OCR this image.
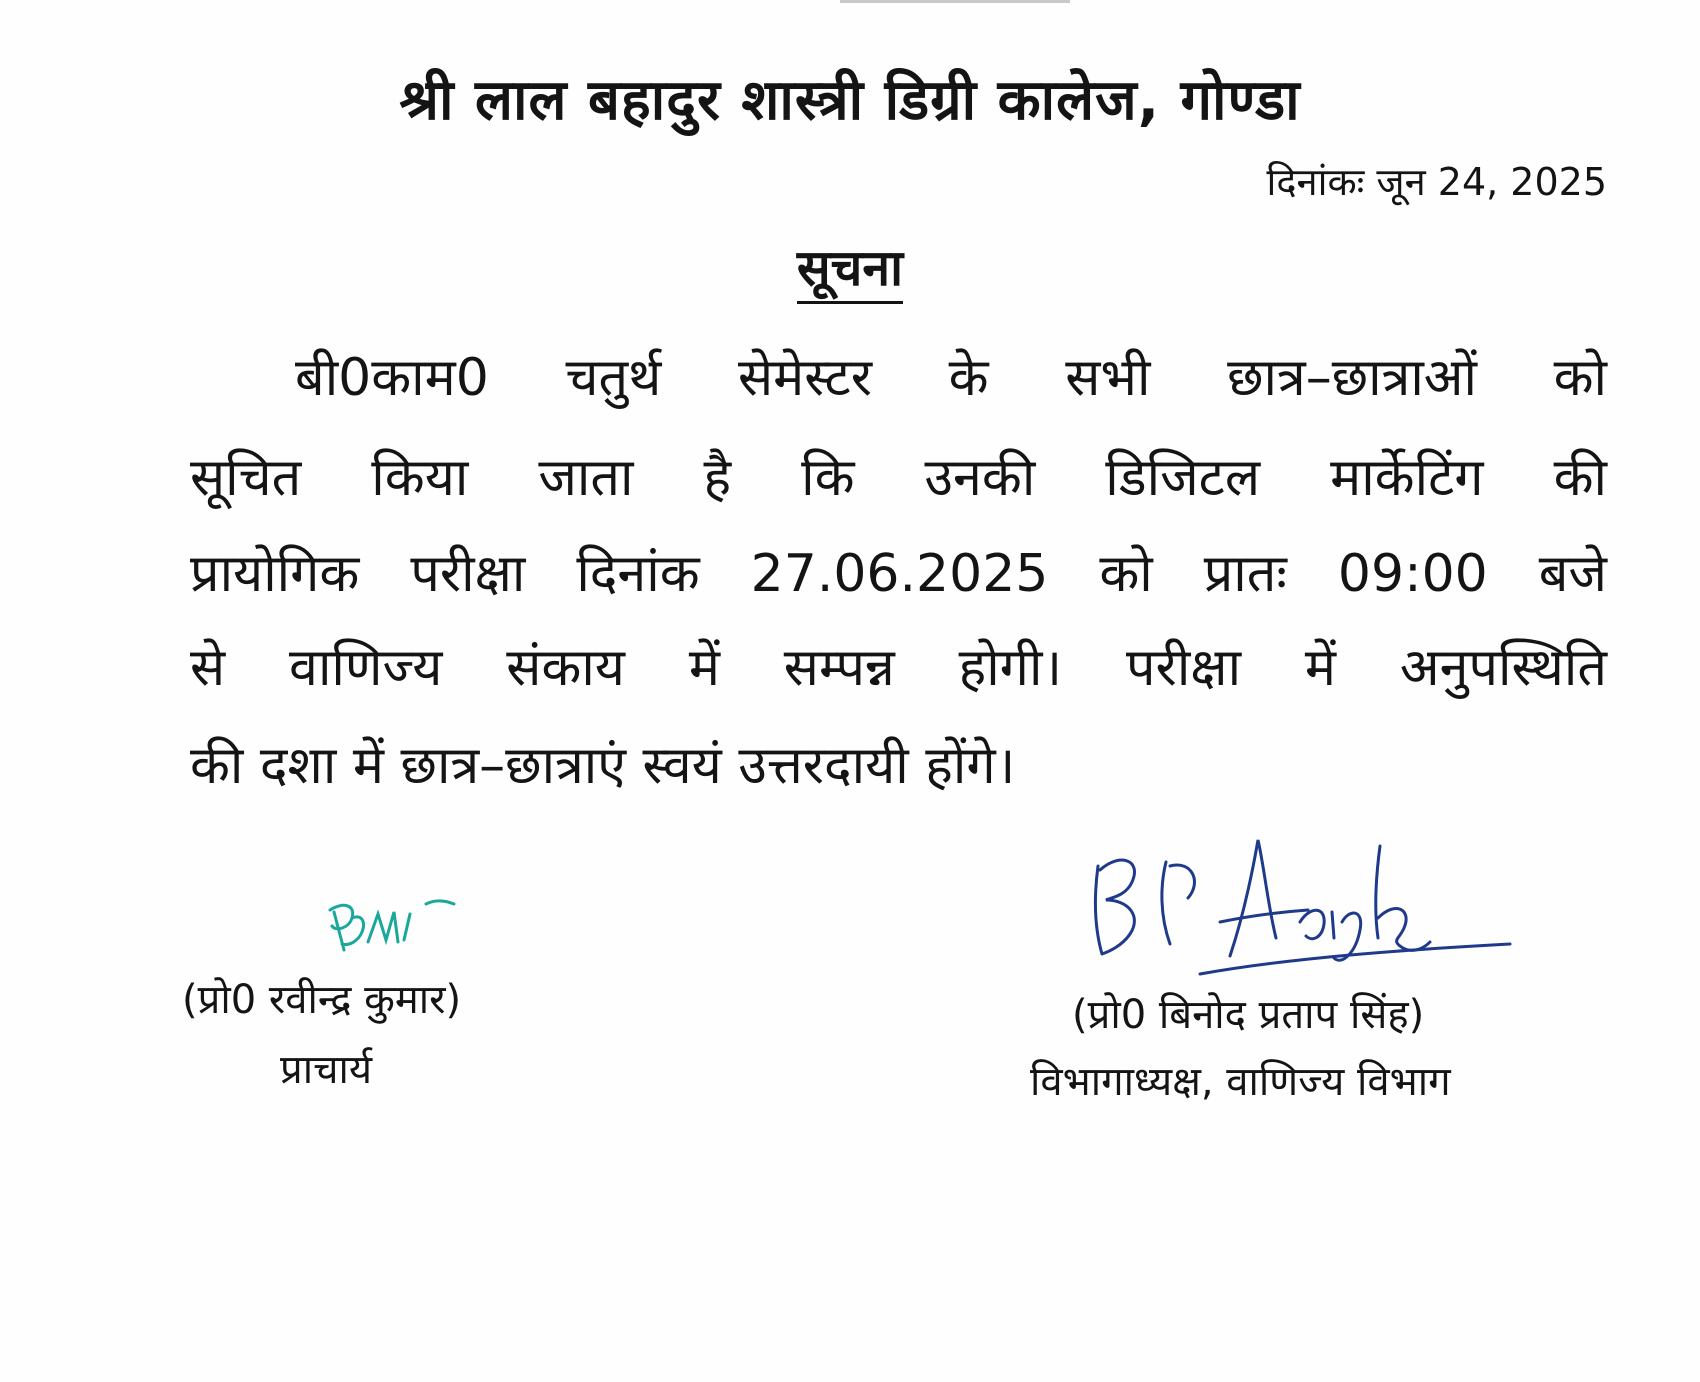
श्री लाल बहादुर शास्त्री डिग्री कालेज, गोण्डा
दिनांकः जून 24, 2025
सूचना
बी0काम0 चतुर्थ सेमेस्टर के सभी छात्र–छात्राओं को
सूचित किया जाता है कि उनकी डिजिटल मार्केटिंग की
प्रायोगिक परीक्षा दिनांक 27.06.2025 को प्रातः 09:00 बजे
से वाणिज्य संकाय में सम्पन्न होगी। परीक्षा में अनुपस्थिति
की दशा में छात्र–छात्राएं स्वयं उत्तरदायी होंगे।
(प्रो0 रवीन्द्र कुमार)
प्राचार्य
(प्रो0 बिनोद प्रताप सिंह)
विभागाध्यक्ष, वाणिज्य विभाग
